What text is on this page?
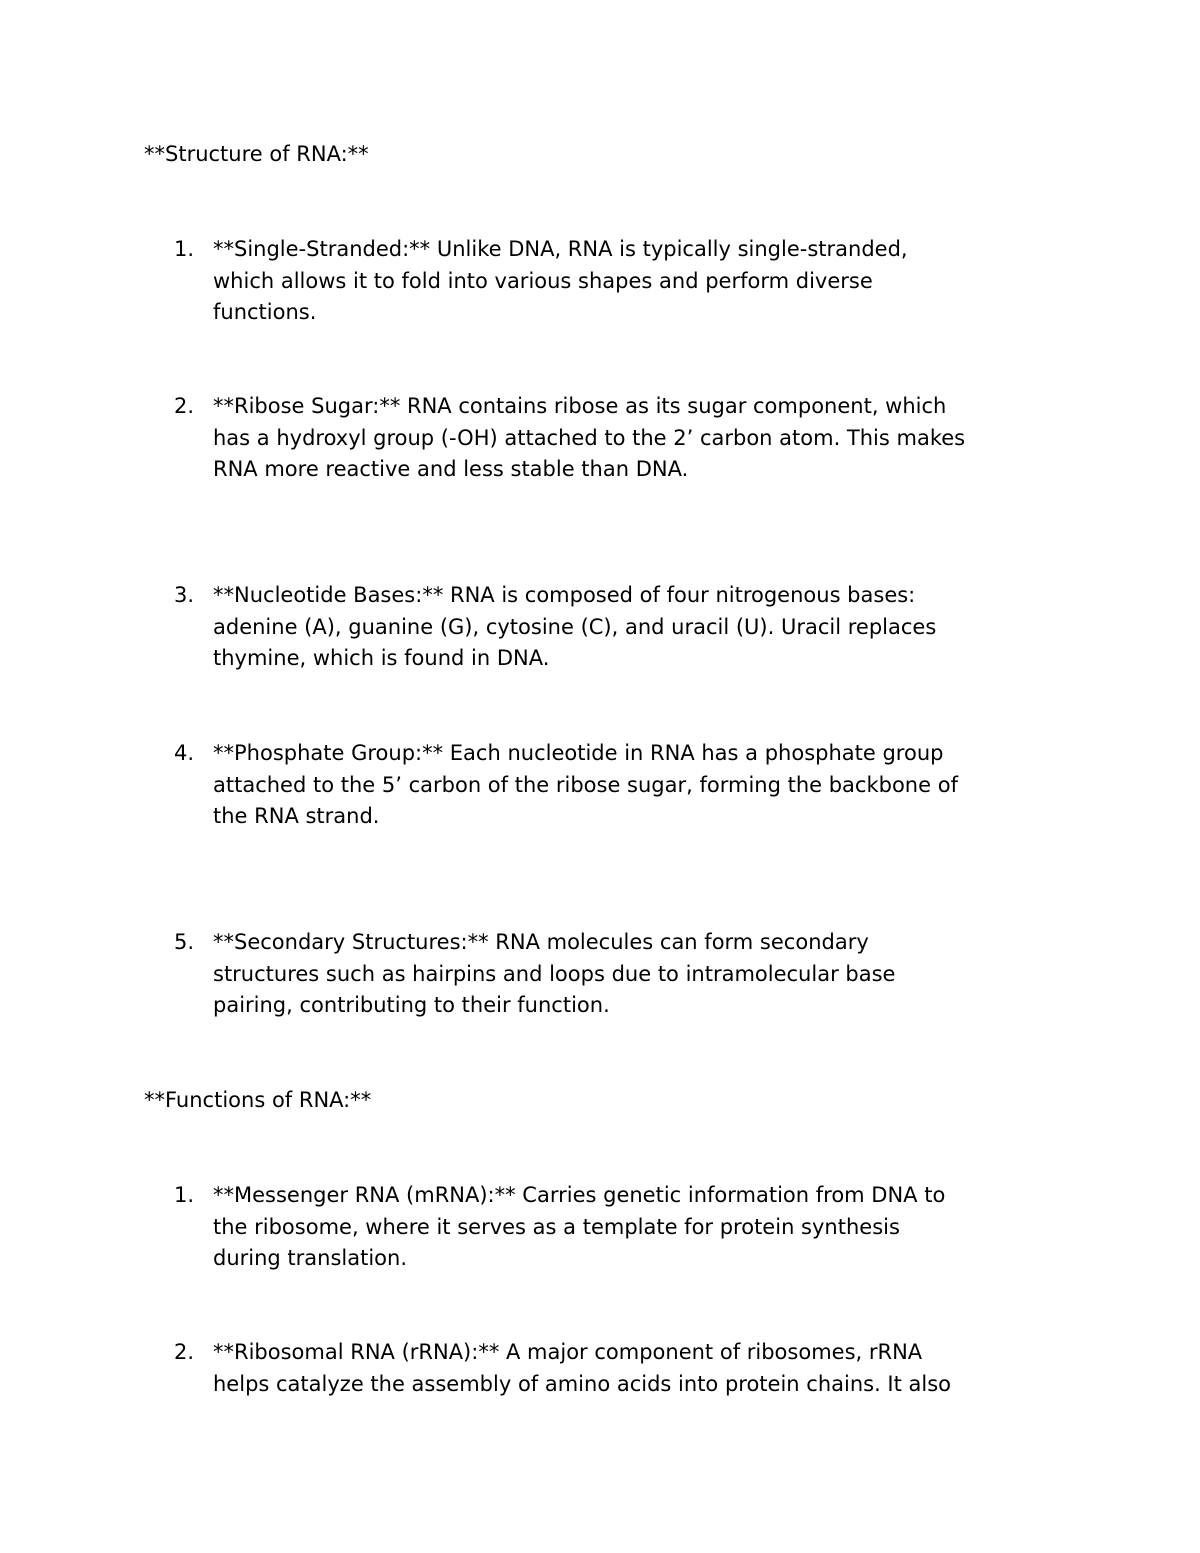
**Structure of RNA:**
1. **Single-Stranded:** Unlike DNA, RNA is typically single-stranded,
which allows it to fold into various shapes and perform diverse
functions.
2. **Ribose Sugar:** RNA contains ribose as its sugar component, which
has a hydroxyl group (-OH) attached to the 2’ carbon atom. This makes
RNA more reactive and less stable than DNA.
3. **Nucleotide Bases:** RNA is composed of four nitrogenous bases:
adenine (A), guanine (G), cytosine (C), and uracil (U). Uracil replaces
thymine, which is found in DNA.
4. **Phosphate Group:** Each nucleotide in RNA has a phosphate group
attached to the 5’ carbon of the ribose sugar, forming the backbone of
the RNA strand.
5. **Secondary Structures:** RNA molecules can form secondary
structures such as hairpins and loops due to intramolecular base
pairing, contributing to their function.
**Functions of RNA:**
1. **Messenger RNA (mRNA):** Carries genetic information from DNA to
the ribosome, where it serves as a template for protein synthesis
during translation.
2. **Ribosomal RNA (rRNA):** A major component of ribosomes, rRNA
helps catalyze the assembly of amino acids into protein chains. It also
